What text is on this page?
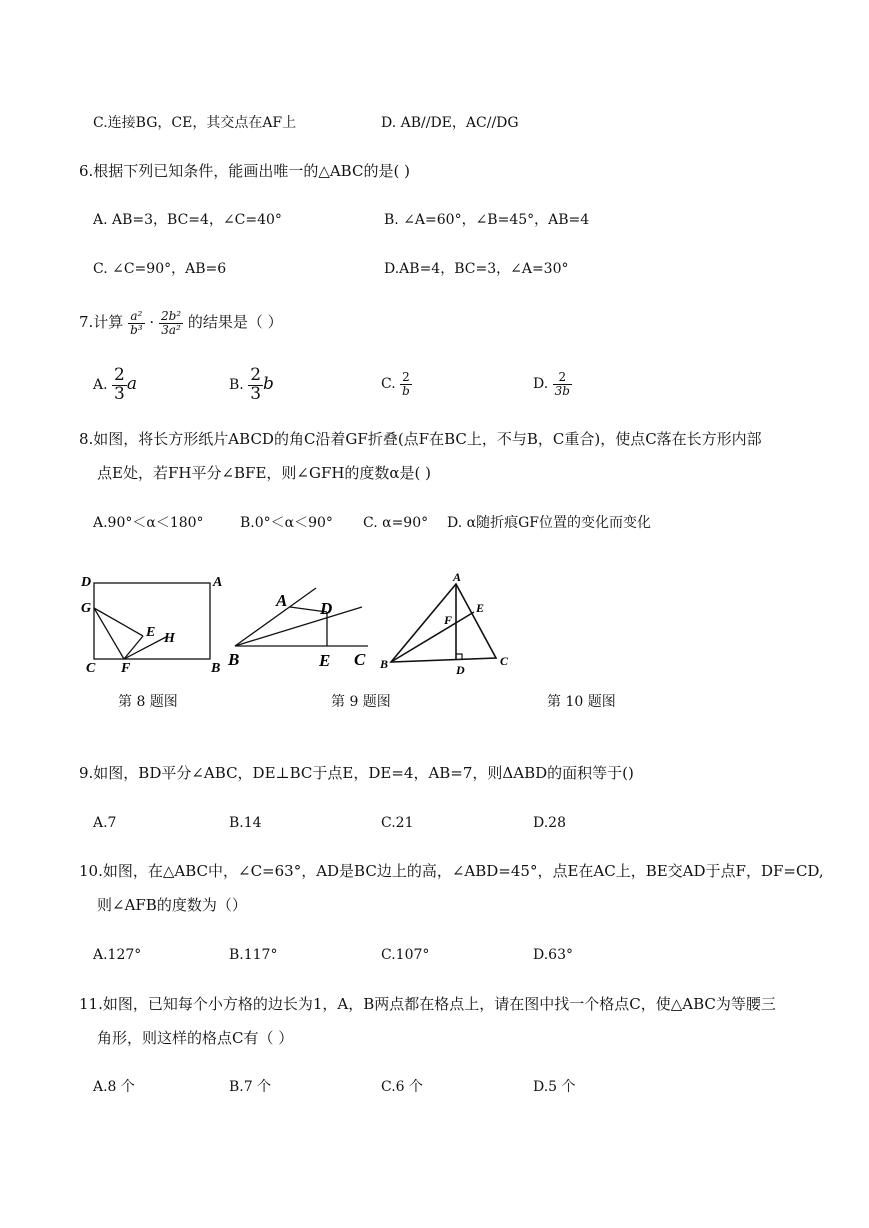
C.连接BG，CE，其交点在AF上	D. AB//DE，AC//DG
6.根据下列已知条件，能画出唯一的△ABC的是( )
A. AB=3，BC=4，∠C=40°	B. ∠A=60°，∠B=45°，AB=4
C. ∠C=90°，AB=6	D.AB=4，BC=3，∠A=30°
7.计算 $\frac{\text{a²}}{\text{b³}} \cdot \frac{\text{2b²}}{\text{3a²}}$ 的结果是（ ）
A. $\frac{2}{3}$ a	B. $\frac{2}{3}$ b	C. $\frac{2}{b}$	D. $\frac{2}{3b}$
8.如图，将长方形纸片ABCD的角C沿着GF折叠(点F在BC上，不与B，C重合)，使点C落在长方形内部
点E处，若FH平分∠BFE，则∠GFH的度数α是( )
A.90°＜α＜180°	B.0°＜α＜90° C. α=90° D. α随折痕GF位置的变化而变化
D	A
G
E H
C F	B
第 8 题图
A D
B	E C
第 9 题图
A
E
F
B	D
C
第 10 题图
9.如图，BD平分∠ABC，DE⊥BC于点E，DE=4，AB=7，则ΔABD的面积等于()
A.7	B.14	C.21	D.28
10.如图，在△ABC中，∠C=63°，AD是BC边上的高，∠ABD=45°，点E在AC上，BE交AD于点F，DF=CD,
则∠AFB的度数为（）
A.127°	B.117°	C.107°	D.63°
11.如图，已知每个小方格的边长为1，A，B两点都在格点上，请在图中找一个格点C，使△ABC为等腰三
角形，则这样的格点C有（ ）
A.8 个	B.7 个	C.6 个	D.5 个
